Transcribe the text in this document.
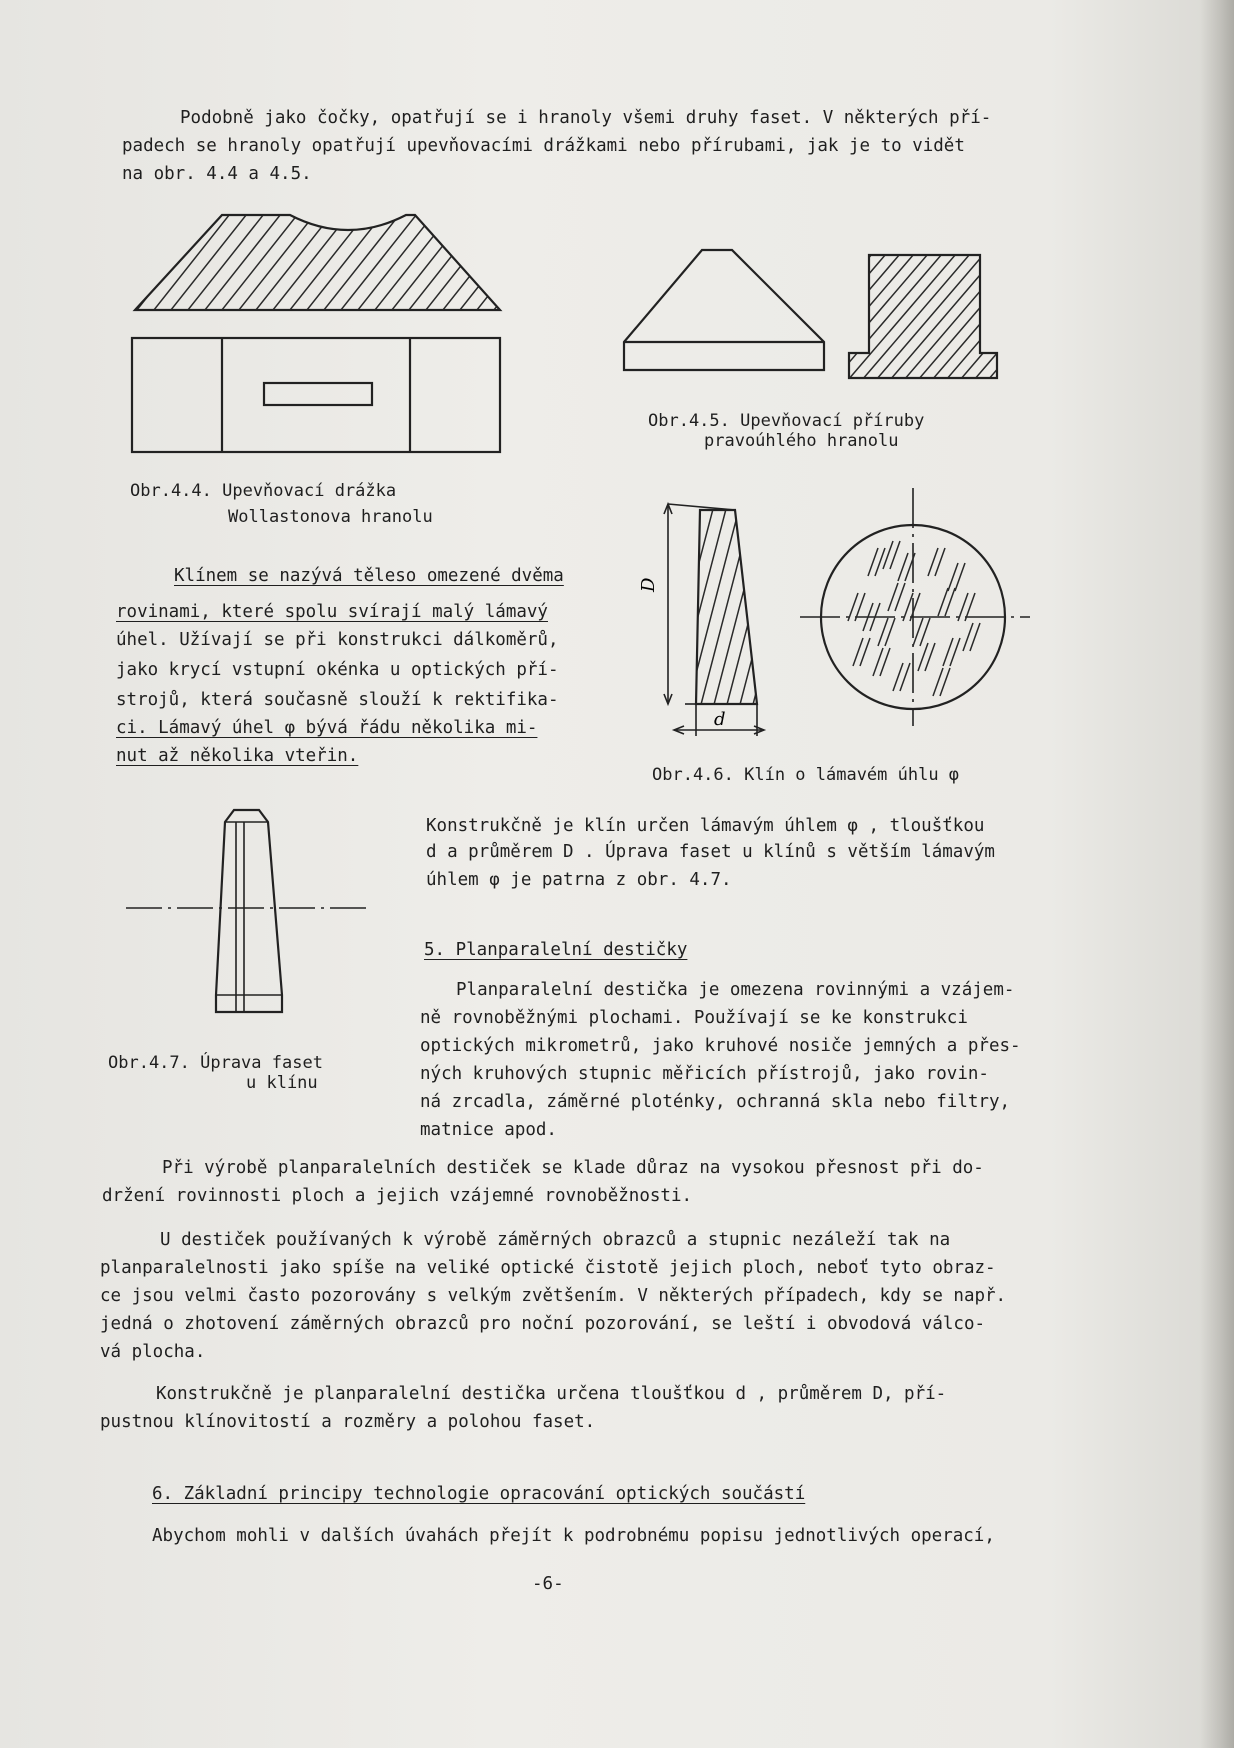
Podobně jako čočky, opatřují se i hranoly všemi druhy faset. V některých pří-

padech se hranoly opatřují upevňovacími drážkami nebo přírubami, jak je to vidět

na obr. 4.4 a 4.5.

Obr.4.4. Upevňovací drážka

Wollastonova hranolu

Obr.4.5. Upevňovací příruby

pravoúhlého hranolu

Klínem se nazývá těleso omezené dvěma

rovinami, které spolu svírají malý lámavý

úhel. Užívají se při konstrukci dálkoměrů,

jako krycí vstupní okénka u optických pří-

strojů, která současně slouží k rektifika-

ci. Lámavý úhel φ bývá řádu několika mi-

nut až několika vteřin.

D
d

Obr.4.6. Klín o lámavém úhlu φ

Konstrukčně je klín určen lámavým úhlem φ , tloušťkou

d a průměrem D . Úprava faset u klínů s větším lámavým

úhlem φ je patrna z obr. 4.7.

Obr.4.7. Úprava faset

u klínu

5. Planparalelní destičky

Planparalelní destička je omezena rovinnými a vzájem-

ně rovnoběžnými plochami. Používají se ke konstrukci

optických mikrometrů, jako kruhové nosiče jemných a přes-

ných kruhových stupnic měřicích přístrojů, jako rovin-

ná zrcadla, záměrné ploténky, ochranná skla nebo filtry,

matnice apod.

Při výrobě planparalelních destiček se klade důraz na vysokou přesnost při do-

držení rovinnosti ploch a jejich vzájemné rovnoběžnosti.

U destiček používaných k výrobě záměrných obrazců a stupnic nezáleží tak na

planparalelnosti jako spíše na veliké optické čistotě jejich ploch, neboť tyto obraz-

ce jsou velmi často pozorovány s velkým zvětšením. V některých případech, kdy se např.

jedná o zhotovení záměrných obrazců pro noční pozorování, se leští i obvodová válco-

vá plocha.

Konstrukčně je planparalelní destička určena tloušťkou d , průměrem D, pří-

pustnou klínovitostí a rozměry a polohou faset.

6. Základní principy technologie opracování optických součástí

Abychom mohli v dalších úvahách přejít k podrobnému popisu jednotlivých operací,

-6-
